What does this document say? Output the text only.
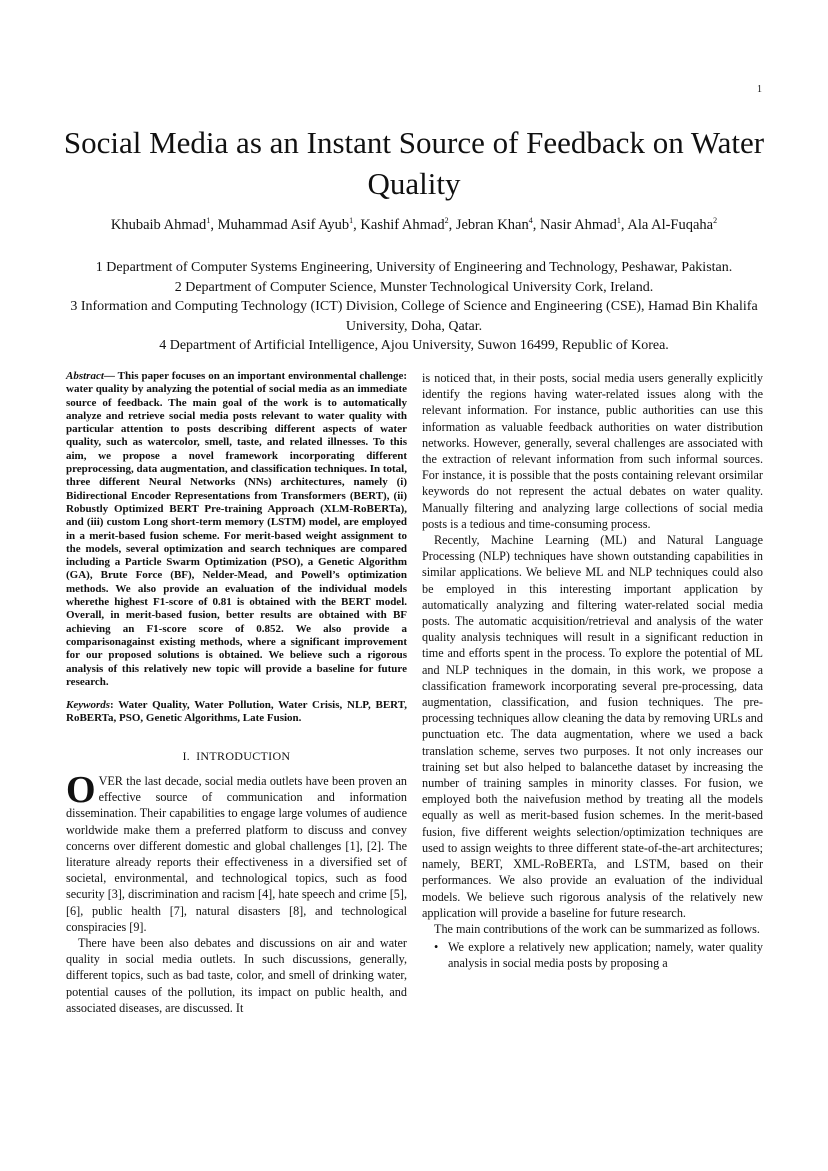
1
Social Media as an Instant Source of Feedback on Water Quality
Khubaib Ahmad$^1$, Muhammad Asif Ayub$^1$, Kashif Ahmad$^2$, Jebran Khan$^4$, Nasir Ahmad$^1$, Ala Al-Fuqaha$^2$
1 Department of Computer Systems Engineering, University of Engineering and Technology, Peshawar, Pakistan.
2 Department of Computer Science, Munster Technological University Cork, Ireland.
3 Information and Computing Technology (ICT) Division, College of Science and Engineering (CSE), Hamad Bin Khalifa University, Doha, Qatar.
4 Department of Artificial Intelligence, Ajou University, Suwon 16499, Republic of Korea.

Abstract— This paper focuses on an important environmental challenge: water quality by analyzing the potential of social media as an immediate source of feedback. The main goal of the work is to automatically analyze and retrieve social media posts relevant to water quality with particular attention to posts describing different aspects of water quality, such as watercolor, smell, taste, and related illnesses. To this aim, we propose a novel framework incorporating different preprocessing, data augmentation, and classification techniques. In total, three different Neural Networks (NNs) architectures, namely (i) Bidirectional Encoder Representations from Transformers (BERT), (ii) Robustly Optimized BERT Pre-training Approach (XLM-RoBERTa), and (iii) custom Long short-term memory (LSTM) model, are employed in a merit-based fusion scheme. For merit-based weight assignment to the models, several optimization and search techniques are compared including a Particle Swarm Optimization (PSO), a Genetic Algorithm (GA), Brute Force (BF), Nelder-Mead, and Powell’s optimization methods. We also provide an evaluation of the individual models wherethe highest F1-score of 0.81 is obtained with the BERT model. Overall, in merit-based fusion, better results are obtained with BF achieving an F1-score score of 0.852. We also provide a comparisonagainst existing methods, where a significant improvement for our proposed solutions is obtained. We believe such a rigorous analysis of this relatively new topic will provide a baseline for future research.

Keywords: Water Quality, Water Pollution, Water Crisis, NLP, BERT, RoBERTa, PSO, Genetic Algorithms, Late Fusion.

I. INTRODUCTION

OVER the last decade, social media outlets have been proven an effective source of communication and information dissemination. Their capabilities to engage large volumes of audience worldwide make them a preferred platform to discuss and convey concerns over different domestic and global challenges [1], [2]. The literature already reports their effectiveness in a diversified set of societal, environmental, and technological topics, such as food security [3], discrimination and racism [4], hate speech and crime [5], [6], public health [7], natural disasters [8], and technological conspiracies [9].

There have been also debates and discussions on air and water quality in social media outlets. In such discussions, generally, different topics, such as bad taste, color, and smell of drinking water, potential causes of the pollution, its impact on public health, and associated diseases, are discussed. It

is noticed that, in their posts, social media users generally explicitly identify the regions having water-related issues along with the relevant information. For instance, public authorities can use this information as valuable feedback authorities on water distribution networks. However, generally, several challenges are associated with the extraction of relevant information from such informal sources. For instance, it is possible that the posts containing relevant orsimilar keywords do not represent the actual debates on water quality. Manually filtering and analyzing large collections of social media posts is a tedious and time-consuming process.

Recently, Machine Learning (ML) and Natural Language Processing (NLP) techniques have shown outstanding capabilities in similar applications. We believe ML and NLP techniques could also be employed in this interesting important application by automatically analyzing and filtering water-related social media posts. The automatic acquisition/retrieval and analysis of the water quality analysis techniques will result in a significant reduction in time and efforts spent in the process. To explore the potential of ML and NLP techniques in the domain, in this work, we propose a classification framework incorporating several pre-processing, data augmentation, classification, and fusion techniques. The pre-processing techniques allow cleaning the data by removing URLs and punctuation etc. The data augmentation, where we used a back translation scheme, serves two purposes. It not only increases our training set but also helped to balancethe dataset by increasing the number of training samples in minority classes. For fusion, we employed both the naivefusion method by treating all the models equally as well as merit-based fusion schemes. In the merit-based fusion, five different weights selection/optimization techniques are used to assign weights to three different state-of-the-art architectures; namely, BERT, XML-RoBERTa, and LSTM, based on their performances. We also provide an evaluation of the individual models. We believe such rigorous analysis of the relatively new application will provide a baseline for future research.

The main contributions of the work can be summarized as follows.

• We explore a relatively new application; namely, water quality analysis in social media posts by proposing a
